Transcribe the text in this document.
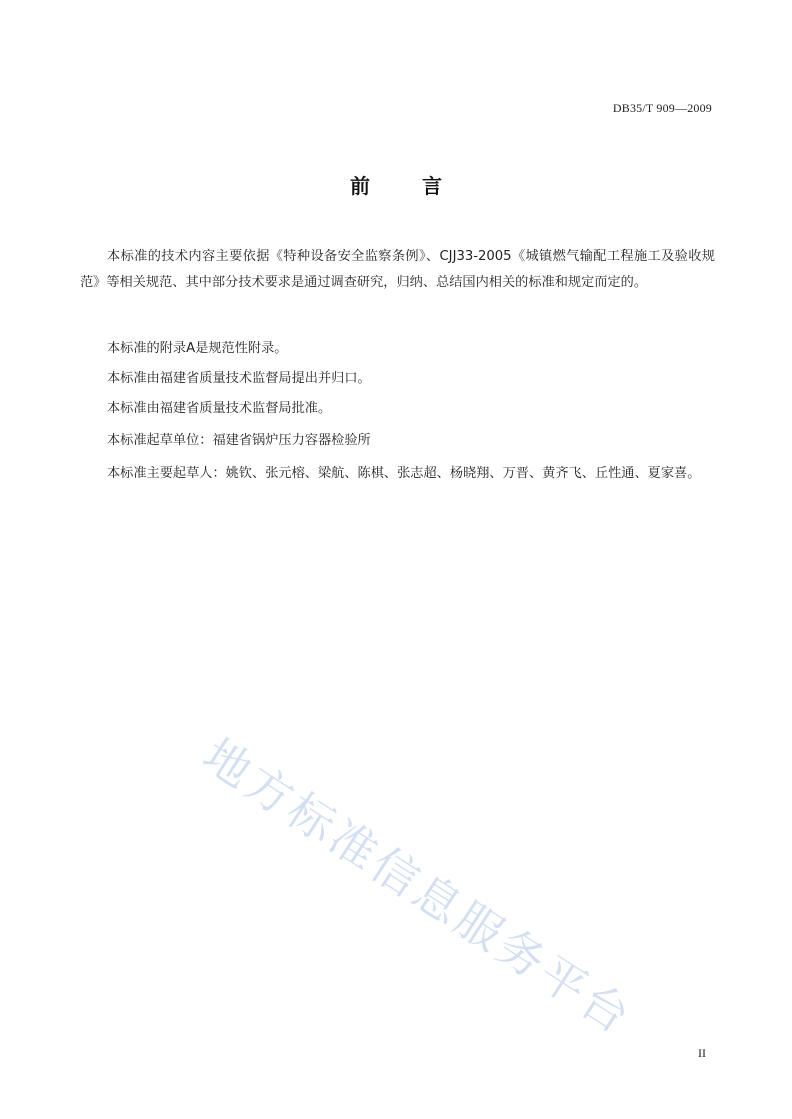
DB35/T 909—2009
前言
本标准的技术内容主要依据《特种设备安全监察条例》、CJJ33-2005《城镇燃气输配工程施工及验收规范》等相关规范、其中部分技术要求是通过调查研究，归纳、总结国内相关的标准和规定而定的。
本标准的附录A是规范性附录。
本标准由福建省质量技术监督局提出并归口。
本标准由福建省质量技术监督局批准。
本标准起草单位：福建省锅炉压力容器检验所
本标准主要起草人：姚钦、张元榕、梁航、陈棋、张志超、杨晓翔、万晋、黄齐飞、丘性通、夏家喜。
地方标准信息服务平台
II
